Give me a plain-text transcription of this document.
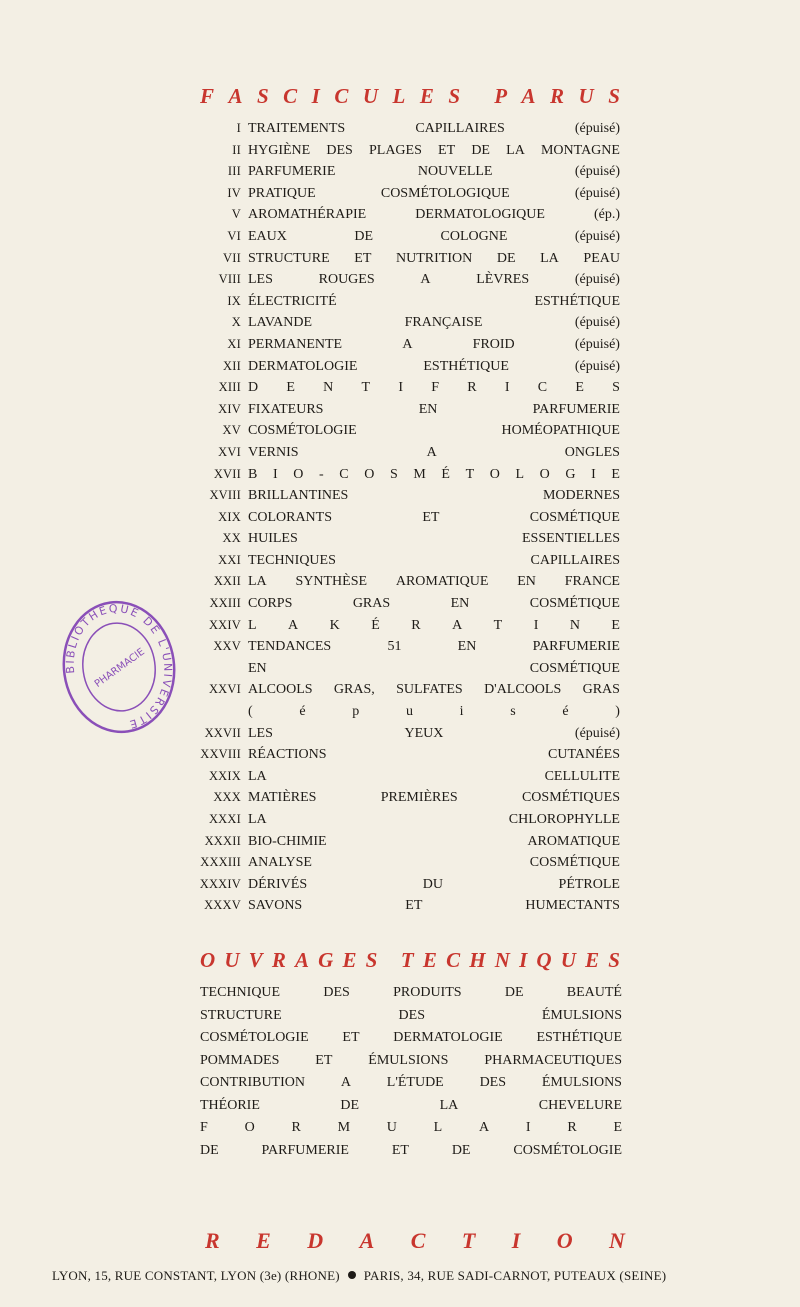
F A S C I C U L E S
P A R U S
I TRAITEMENTS	CAPILLAIRES	(épuisé)
II HYGIÈNE DES PLAGES ET DE LA MONTAGNE
III PARFUMERIE	NOUVELLE	(épuisé)
IV PRATIQUE	COSMÉTOLOGIQUE	(épuisé)
V AROMATHÉRAPIE	DERMATOLOGIQUE	(ép.)
VI EAUX	DE	COLOGNE	(épuisé)
VII STRUCTURE ET NUTRITION DE LA PEAU
VIII LES	ROUGES	A	LÈVRES	(épuisé)
IX ÉLECTRICITÉ	ESTHÉTIQUE
X LAVANDE	FRANÇAISE	(épuisé)
XI PERMANENTE	A	FROID	(épuisé)
XII DERMATOLOGIE	ESTHÉTIQUE	(épuisé)
XIII D E N T I F R I C E S
XIV FIXATEURS	EN	PARFUMERIE
XV COSMÉTOLOGIE	HOMÉOPATHIQUE
XVI VERNIS	A	ONGLES
XVII B I O - C O S M É T O L O G I E
XVIII BRILLANTINES	MODERNES
XIX COLORANTS	ET	COSMÉTIQUE
XX HUILES	ESSENTIELLES
XXI TECHNIQUES	CAPILLAIRES
XXII LA SYNTHÈSE AROMATIQUE EN FRANCE
XXIII CORPS	GRAS	EN	COSMÉTIQUE
XXIV L A K É R A T I N E
XXV TENDANCES	51	EN	PARFUMERIE
EN	COSMÉTIQUE
XXVI ALCOOLS GRAS, SULFATES D'ALCOOLS GRAS
(	é	p	u	i	s	é	)
XXVII LES	YEUX	(épuisé)
XXVIII RÉACTIONS	CUTANÉES
XXIX LA	CELLULITE
XXX MATIÈRES	PREMIÈRES	COSMÉTIQUES
XXXI LA	CHLOROPHYLLE
XXXII BIO-CHIMIE	AROMATIQUE
XXXIII ANALYSE	COSMÉTIQUE
XXXIV DÉRIVÉS	DU	PÉTROLE
XXXV SAVONS	ET	HUMECTANTS
O U V R A G E S
T E C H N I Q U E S
TECHNIQUE	DES	PRODUITS	DE	BEAUTÉ
STRUCTURE	DES	ÉMULSIONS
COSMÉTOLOGIE ET DERMATOLOGIE ESTHÉTIQUE
POMMADES	ET	ÉMULSIONS	PHARMACEUTIQUES
CONTRIBUTION	A	L'ÉTUDE	DES	ÉMULSIONS
THÉORIE	DE	LA	CHEVELURE
F	O	R	M	U	L	A	I	R	E
DE	PARFUMERIE	ET	DE	COSMÉTOLOGIE
R E D A C T I O N
LYON, 15, RUE CONSTANT, LYON (3e) (RHONE) PARIS, 34, RUE SADI-CARNOT, PUTEAUX (SEINE)
BIBLIOTHÈQUE DE L'UNIVERSITÉ
PHARMACIE
